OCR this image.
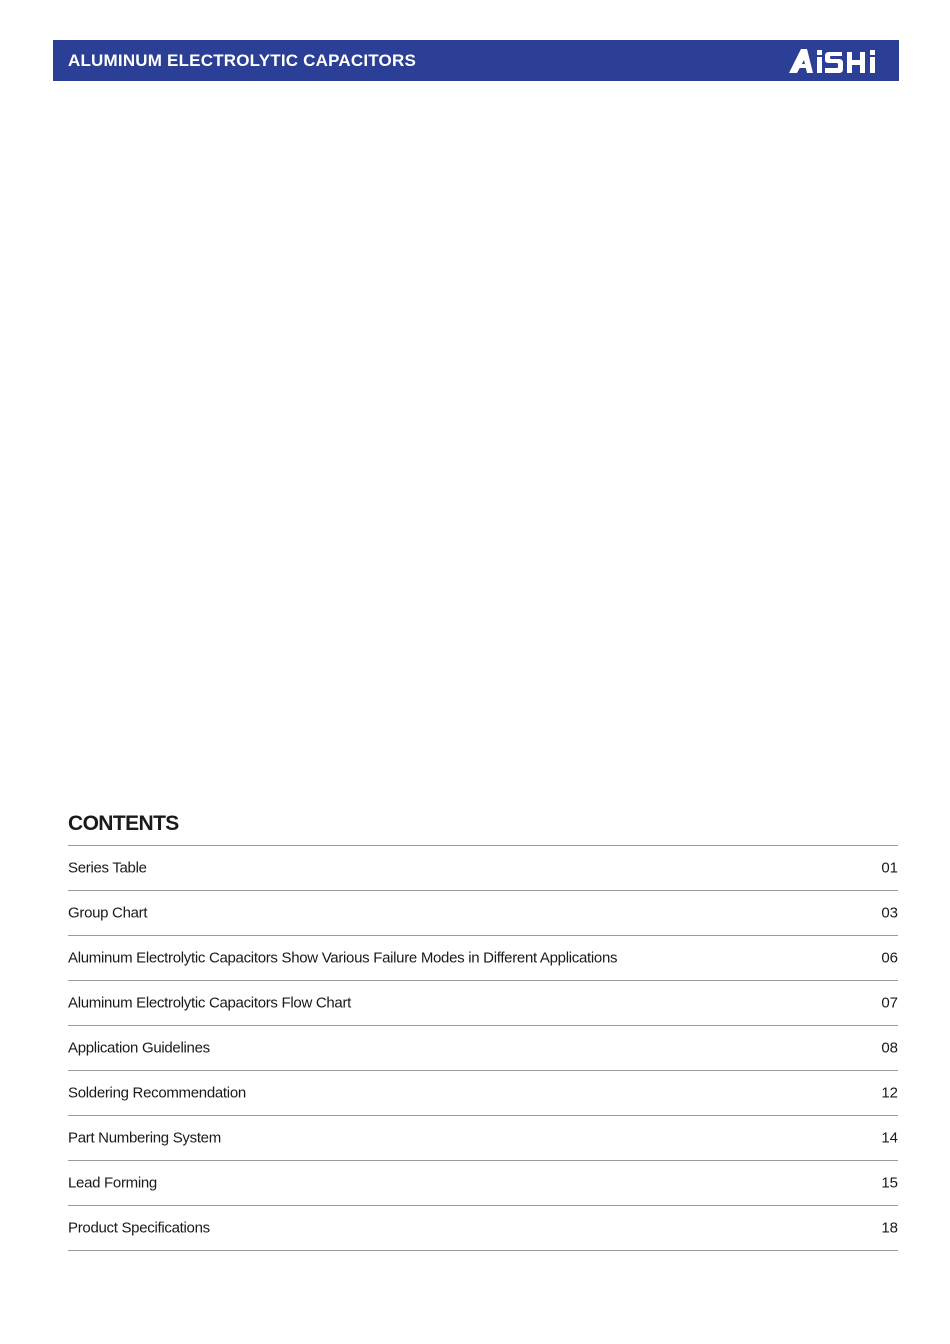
ALUMINUM ELECTROLYTIC CAPACITORS
CONTENTS
Series Table	01
Group Chart	03
Aluminum Electrolytic Capacitors Show Various Failure Modes in Different Applications	06
Aluminum Electrolytic Capacitors Flow Chart	07
Application Guidelines	08
Soldering Recommendation	12
Part Numbering System	14
Lead Forming	15
Product Specifications	18
